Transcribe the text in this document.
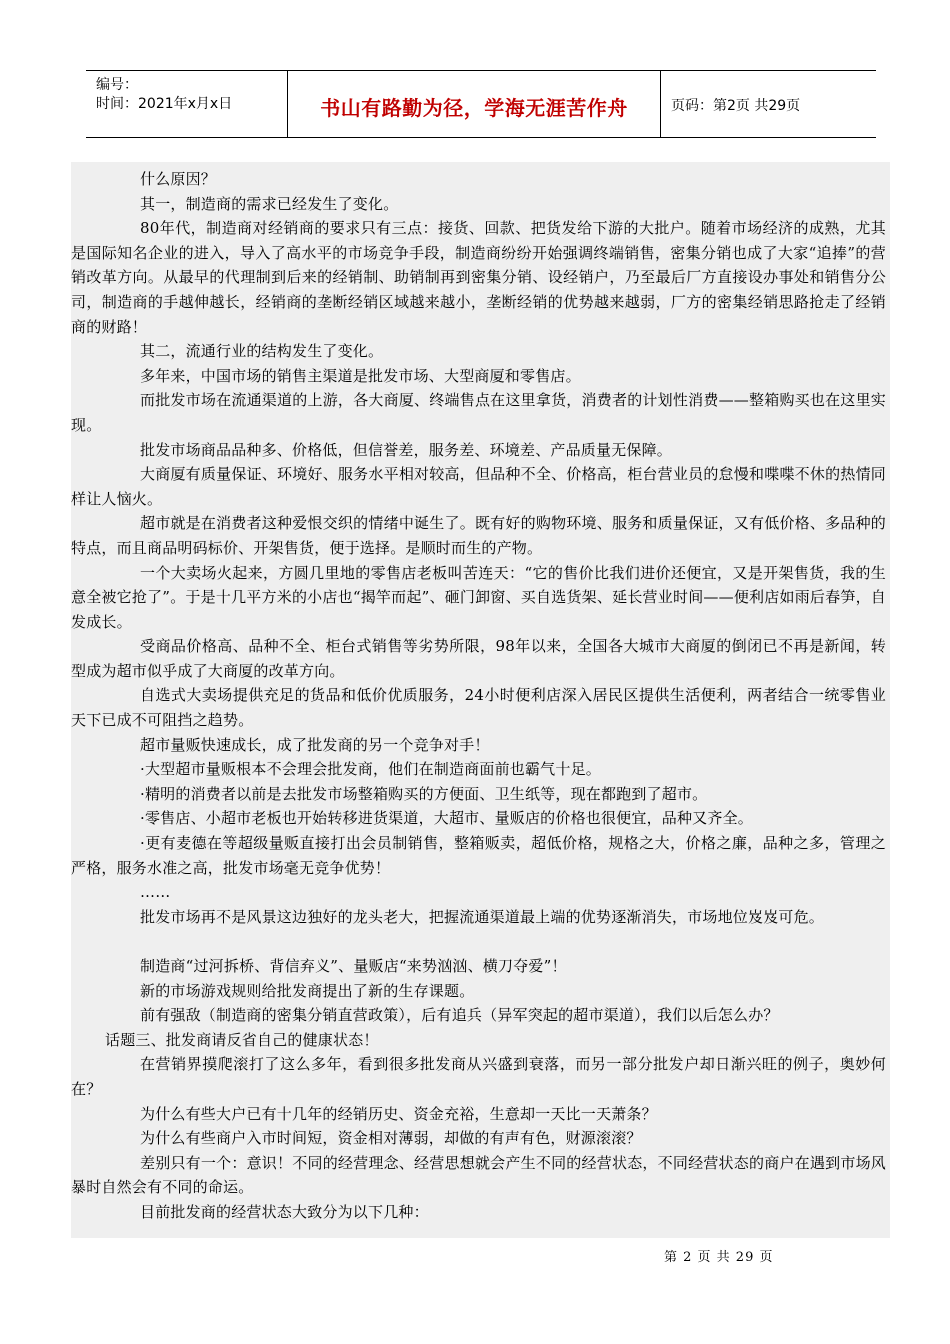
编号：
时间：2021年x月x日	书山有路勤为径，学海无涯苦作舟	页码：第2页 共29页

什么原因？

其一，制造商的需求已经发生了变化。

80年代，制造商对经销商的要求只有三点：接货、回款、把货发给下游的大批户。随着市场经济的成熟，尤其是国际知名企业的进入，导入了高水平的市场竞争手段，制造商纷纷开始强调终端销售，密集分销也成了大家“追捧”的营销改革方向。从最早的代理制到后来的经销制、助销制再到密集分销、设经销户，乃至最后厂方直接设办事处和销售分公司，制造商的手越伸越长，经销商的垄断经销区域越来越小，垄断经销的优势越来越弱，厂方的密集经销思路抢走了经销商的财路！

其二，流通行业的结构发生了变化。

多年来，中国市场的销售主渠道是批发市场、大型商厦和零售店。

而批发市场在流通渠道的上游，各大商厦、终端售点在这里拿货，消费者的计划性消费——整箱购买也在这里实现。

批发市场商品品种多、价格低，但信誉差，服务差、环境差、产品质量无保障。

大商厦有质量保证、环境好、服务水平相对较高，但品种不全、价格高，柜台营业员的怠慢和喋喋不休的热情同样让人恼火。

超市就是在消费者这种爱恨交织的情绪中诞生了。既有好的购物环境、服务和质量保证，又有低价格、多品种的特点，而且商品明码标价、开架售货，便于选择。是顺时而生的产物。

一个大卖场火起来，方圆几里地的零售店老板叫苦连天：“它的售价比我们进价还便宜，又是开架售货，我的生意全被它抢了”。于是十几平方米的小店也“揭竿而起”、砸门卸窗、买自选货架、延长营业时间——便利店如雨后春笋，自发成长。

受商品价格高、品种不全、柜台式销售等劣势所限，98年以来，全国各大城市大商厦的倒闭已不再是新闻，转型成为超市似乎成了大商厦的改革方向。

自选式大卖场提供充足的货品和低价优质服务，24小时便利店深入居民区提供生活便利，两者结合一统零售业天下已成不可阻挡之趋势。

超市量贩快速成长，成了批发商的另一个竞争对手！

·大型超市量贩根本不会理会批发商，他们在制造商面前也霸气十足。

·精明的消费者以前是去批发市场整箱购买的方便面、卫生纸等，现在都跑到了超市。

·零售店、小超市老板也开始转移进货渠道，大超市、量贩店的价格也很便宜，品种又齐全。

·更有麦德在等超级量贩直接打出会员制销售，整箱贩卖，超低价格，规格之大，价格之廉，品种之多，管理之严格，服务水准之高，批发市场毫无竞争优势！

……

批发市场再不是风景这边独好的龙头老大，把握流通渠道最上端的优势逐渐消失，市场地位岌岌可危。

制造商“过河拆桥、背信弃义”、量贩店“来势汹汹、横刀夺爱”！

新的市场游戏规则给批发商提出了新的生存课题。

前有强敌（制造商的密集分销直营政策），后有追兵（异军突起的超市渠道），我们以后怎么办？

话题三、批发商请反省自己的健康状态！

在营销界摸爬滚打了这么多年，看到很多批发商从兴盛到衰落，而另一部分批发户却日渐兴旺的例子，奥妙何在？

为什么有些大户已有十几年的经销历史、资金充裕，生意却一天比一天萧条？

为什么有些商户入市时间短，资金相对薄弱，却做的有声有色，财源滚滚？

差别只有一个：意识！不同的经营理念、经营思想就会产生不同的经营状态，不同经营状态的商户在遇到市场风暴时自然会有不同的命运。

目前批发商的经营状态大致分为以下几种：

第 2 页 共 29 页
